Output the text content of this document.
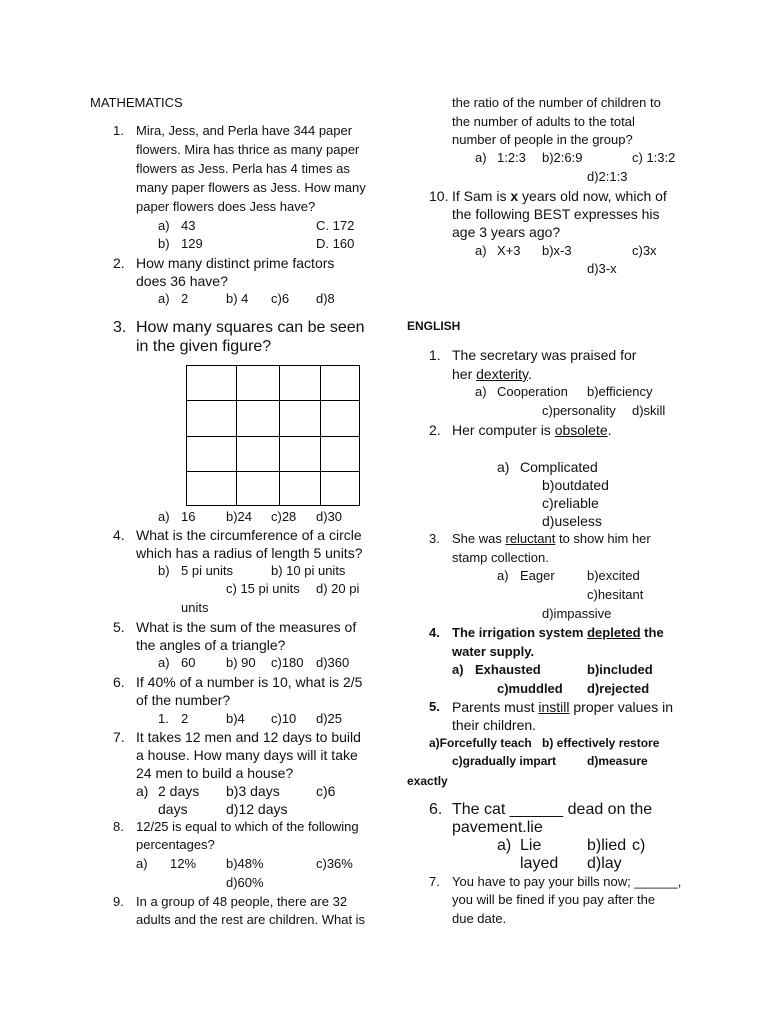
MATHEMATICS
1. Mira, Jess, and Perla have 344 paper
flowers. Mira has thrice as many paper
flowers as Jess. Perla has 4 times as
many paper flowers as Jess. How many
paper flowers does Jess have?
a) 43	C. 172
b) 129	D. 160
2. How many distinct prime factors
does 36 have?
a) 2	b) 4 c)6 d)8
3. How many squares can be seen
in the given figure?
a) 16 b)24 c)28 d)30
4. What is the circumference of a circle
which has a radius of length 5 units?
b) 5 pi units	b) 10 pi units
c) 15 pi units d) 20 pi
units
5. What is the sum of the measures of
the angles of a triangle?
a) 60 b) 90 c)180 d)360
6. If 40% of a number is 10, what is 2/5
of the number?
1. 2	b)4 c)10 d)25
7. It takes 12 men and 12 days to build
a house. How many days will it take
24 men to build a house?
a) 2 days b)3 days	c)6
days	d)12 days
8. 12/25 is equal to which of the following
percentages?
a) 12% b)48%	c)36%
d)60%
9. In a group of 48 people, there are 32
adults and the rest are children. What is
the ratio of the number of children to
the number of adults to the total
number of people in the group?
a) 1:2:3 b)2:6:9	c) 1:3:2
d)2:1:3
10. If Sam is x years old now, which of
the following BEST expresses his
age 3 years ago?
a) X+3 b)x-3	c)3x
d)3-x
ENGLISH
1. The secretary was praised for
her dexterity.
a) Cooperation b)efficiency
c)personality d)skill
2. Her computer is obsolete.
a) Complicated
b)outdated
c)reliable
d)useless
3. She was reluctant to show him her
stamp collection.
a) Eager b)excited
c)hesitant
d)impassive
4. The irrigation system depleted the
water supply.
a) Exhausted	b)included
c)muddled d)rejected
5. Parents must instill proper values in
their children.
a)Forcefully teach b) effectively restore
c)gradually impart	d)measure
exactly
6. The cat ______ dead on the
pavement.lie
a) Lie	b)lied c)
layed d)lay
7. You have to pay your bills now; ______,
you will be fined if you pay after the
due date.
